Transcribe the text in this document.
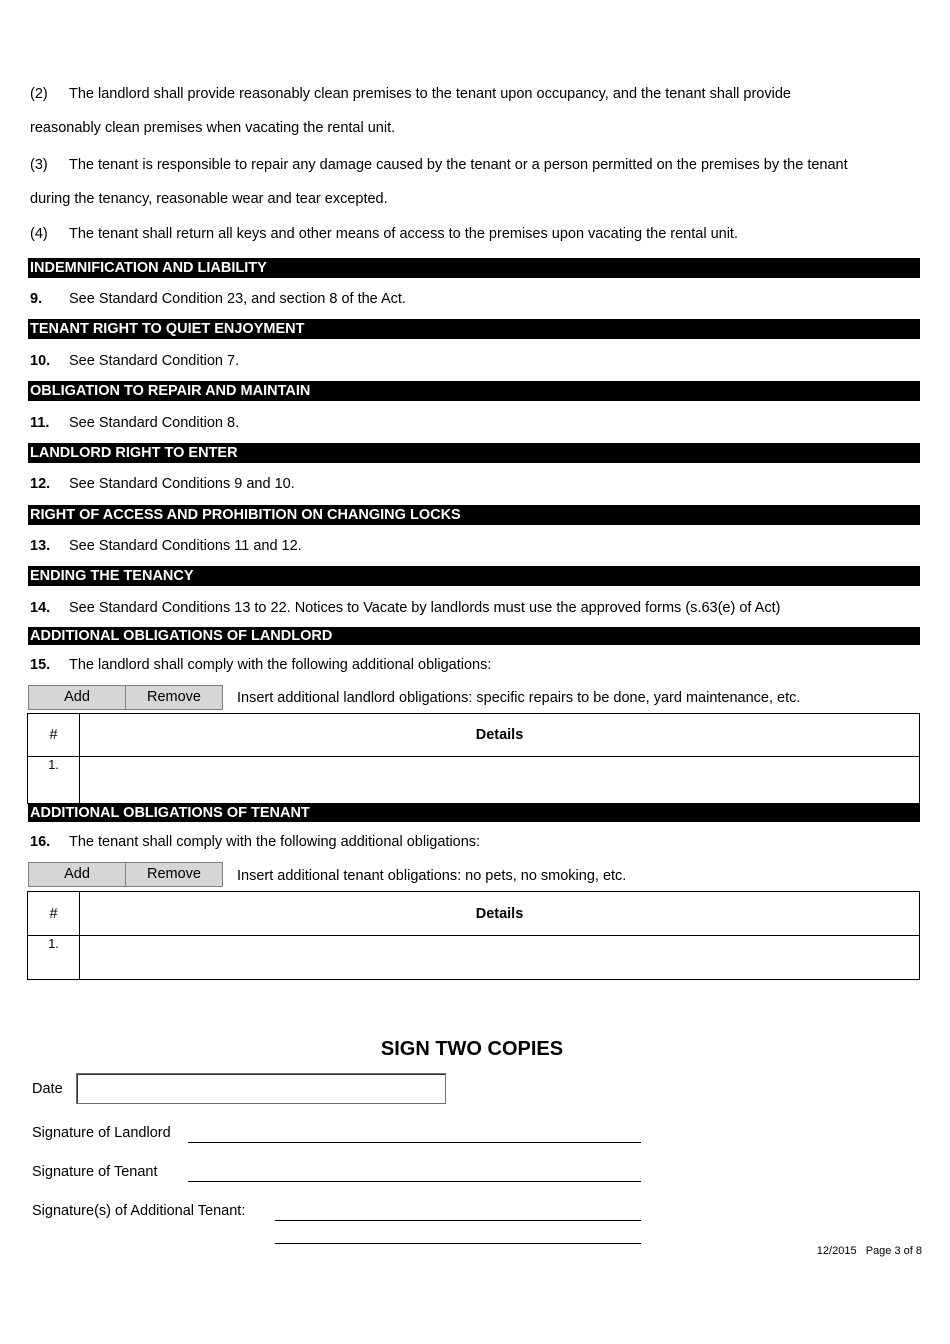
(2) The landlord shall provide reasonably clean premises to the tenant upon occupancy, and the tenant shall provide
reasonably clean premises when vacating the rental unit.
(3) The tenant is responsible to repair any damage caused by the tenant or a person permitted on the premises by the tenant
during the tenancy, reasonable wear and tear excepted.
(4) The tenant shall return all keys and other means of access to the premises upon vacating the rental unit.
INDEMNIFICATION AND LIABILITY
9. See Standard Condition 23, and section 8 of the Act.
TENANT RIGHT TO QUIET ENJOYMENT
10. See Standard Condition 7.
OBLIGATION TO REPAIR AND MAINTAIN
11. See Standard Condition 8.
LANDLORD RIGHT TO ENTER
12. See Standard Conditions 9 and 10.
RIGHT OF ACCESS AND PROHIBITION ON CHANGING LOCKS
13. See Standard Conditions 11 and 12.
ENDING THE TENANCY
14. See Standard Conditions 13 to 22. Notices to Vacate by landlords must use the approved forms (s.63(e) of Act)
ADDITIONAL OBLIGATIONS OF LANDLORD
15. The landlord shall comply with the following additional obligations:
Add	Remove	Insert additional landlord obligations: specific repairs to be done, yard maintenance, etc.
#	Details
1.	
ADDITIONAL OBLIGATIONS OF TENANT
16. The tenant shall comply with the following additional obligations:
Add	Remove	Insert additional tenant obligations: no pets, no smoking, etc.
#	Details
1.	
SIGN TWO COPIES
Date
Signature of Landlord
Signature of Tenant
Signature(s) of Additional Tenant:
12/2015   Page 3 of 8
